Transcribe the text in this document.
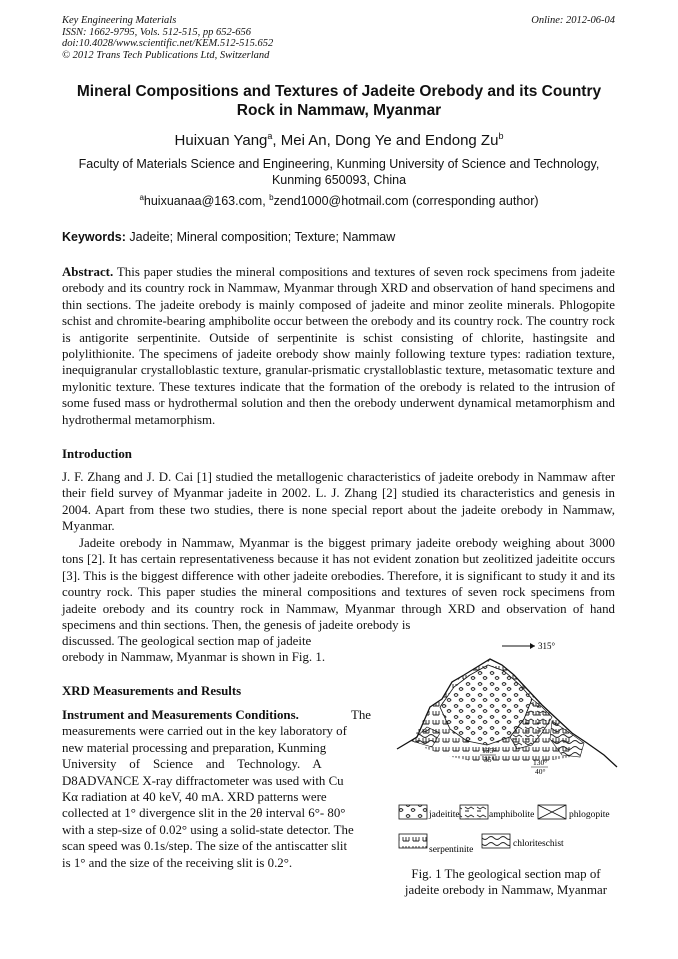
Key Engineering Materials
ISSN: 1662-9795, Vols. 512-515, pp 652-656
doi:10.4028/www.scientific.net/KEM.512-515.652
© 2012 Trans Tech Publications Ltd, Switzerland
Online: 2012-06-04
Mineral Compositions and Textures of Jadeite Orebody and its Country
Rock in Nammaw, Myanmar
Huixuan Yang$^a$, Mei An, Dong Ye and Endong Zu$^b$
Faculty of Materials Science and Engineering, Kunming University of Science and Technology,
Kunming 650093, China
$^a$huixuanaa@163.com, $^b$zend1000@hotmail.com (corresponding author)
Keywords: Jadeite; Mineral composition; Texture; Nammaw
Abstract. This paper studies the mineral compositions and textures of seven rock specimens from jadeite orebody and its country rock in Nammaw, Myanmar through XRD and observation of hand specimens and thin sections. The jadeite orebody is mainly composed of jadeite and minor zeolite minerals. Phlogopite schist and chromite-bearing amphibolite occur between the orebody and its country rock. The country rock is antigorite serpentinite. Outside of serpentinite is schist consisting of chlorite, hastingsite and polylithionite. The specimens of jadeite orebody show mainly following texture types: radiation texture, inequigranular crystalloblastic texture, granular-prismatic crystalloblastic texture, metasomatic texture and mylonitic texture. These textures indicate that the formation of the orebody is related to the intrusion of some fused mass or hydrothermal solution and then the orebody underwent dynamical metamorphism and hydrothermal metamorphism.
Introduction
J. F. Zhang and J. D. Cai [1] studied the metallogenic characteristics of jadeite orebody in Nammaw after their field survey of Myanmar jadeite in 2002. L. J. Zhang [2] studied its characteristics and genesis in 2004. Apart from these two studies, there is none special report about the jadeite orebody in Nammaw, Myanmar.
Jadeite orebody in Nammaw, Myanmar is the biggest primary jadeite orebody weighing about 3000 tons [2]. It has certain representativeness because it has not evident zonation but zeolitized jadeitite occurs [3]. This is the biggest difference with other jadeite orebodies. Therefore, it is significant to study it and its country rock. This paper studies the mineral compositions and textures of seven rock specimens from jadeite orebody and its country rock in Nammaw, Myanmar through XRD and observation of hand specimens and thin sections. Then, the genesis of jadeite orebody is
discussed. The geological section map of jadeite
orebody in Nammaw, Myanmar is shown in Fig. 1.
XRD Measurements and Results
Instrument and Measurements Conditions.	The
measurements were carried out in the key laboratory of
new material processing and preparation, Kunming
University    of    Science    and    Technology.    A
D8ADVANCE X-ray diffractometer was used with Cu
Kα radiation at 40 keV, 40 mA. XRD patterns were
collected at 1° divergence slit in the 2θ interval 6°- 80°
with a step-size of 0.02° using a solid-state detector. The
scan speed was 0.1s/step. The size of the antiscatter slit
is 1° and the size of the receiving slit is 0.2°.
315°
135°
35°	130°
40°
jadeitite	amphibolite	phlogopite
serpentinite
chloriteschist
Fig. 1 The geological section map of
jadeite orebody in Nammaw, Myanmar
